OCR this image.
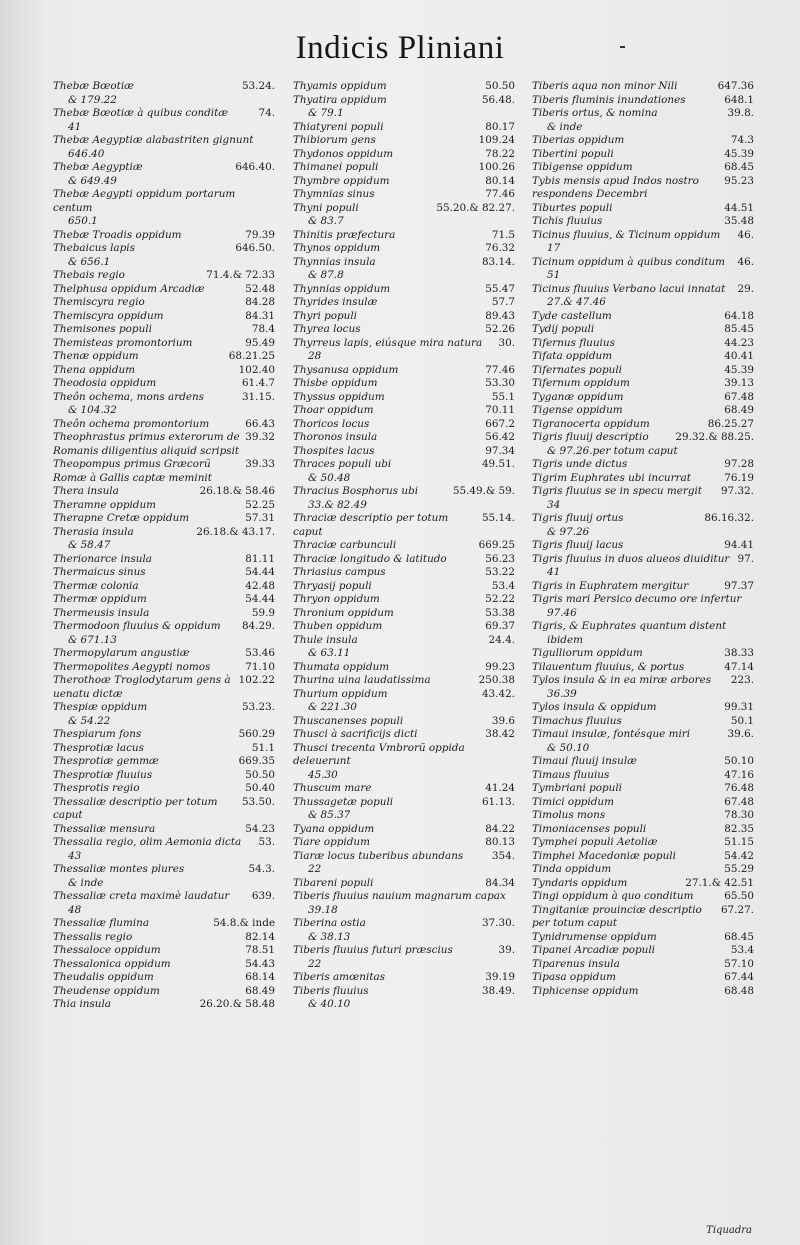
Indicis Pliniani
Thebæ Bœotiæ	53.24.
& 179.22
Thebæ Bœotiæ à quibus conditæ	74.
41
Thebæ Aegyptiæ alabastriten gignunt
646.40
Thebæ Aegyptiæ	646.40.
& 649.49
Thebæ Aegypti oppidum portarum centum
650.1
Thebæ Troadis oppidum	79.39
Thebaicus lapis	646.50.
& 656.1
Thebais regio	71.4.& 72.33
Thelphusa oppidum Arcadiæ	52.48
Themiscyra regio	84.28
Themiscyra oppidum	84.31
Themisones populi	78.4
Themisteas promontorium	95.49
Thenæ oppidum	68.21.25
Thena oppidum	102.40
Theodosia oppidum	61.4.7
Theôn ochema, mons ardens	31.15.
& 104.32
Theôn ochema promontorium	66.43
Theophrastus primus exterorum de Romanis diligentius aliquid scripsit
39.32
Theopompus primus Græcorũ Romæ à Gallis captæ meminit
39.33
Thera insula	26.18.& 58.46
Theramne oppidum	52.25
Therapne Cretæ oppidum	57.31
Therasia insula	26.18.& 43.17.
& 58.47
Therionarce insula	81.11
Thermaicus sinus	54.44
Thermæ colonia	42.48
Thermæ oppidum	54.44
Thermeusis insula	59.9
Thermodoon fluuius & oppidum	84.29.
& 671.13
Thermopylarum angustiæ	53.46
Thermopolites Aegypti nomos	71.10
Therothoæ Troglodytarum gens à uenatu dictæ
102.22
Thespiæ oppidum	53.23.
& 54.22
Thespiarum fons	560.29
Thesprotiæ lacus	51.1
Thesprotiæ gemmæ	669.35
Thesprotiæ fluuius	50.50
Thesprotis regio	50.40
Thessaliæ descriptio per totum caput
53.50.
Thessaliæ mensura	54.23
Thessalia regio, olim Aemonia dicta	53.
43
Thessaliæ montes plures	54.3.
& inde
Thessaliæ creta maximè laudatur	639.
48
Thessaliæ flumina	54.8.& inde
Thessalis regio	82.14
Thessaloce oppidum	78.51
Thessalonica oppidum	54.43
Theudalis oppidum	68.14
Theudense oppidum	68.49
Thia insula	26.20.& 58.48
Thyamis oppidum	50.50
Thyatira oppidum	56.48.
& 79.1
Thiatyreni populi	80.17
Thibiorum gens	109.24
Thydonos oppidum	78.22
Thimanei populi	100.26
Thymbre oppidum	80.14
Thymnias sinus	77.46
Thyni populi	55.20.& 82.27.
& 83.7
Thinitis præfectura	71.5
Thynos oppidum	76.32
Thynnias insula	83.14.
& 87.8
Thynnias oppidum	55.47
Thyrides insulæ	57.7
Thyri populi	89.43
Thyrea locus	52.26
Thyrreus lapis, eiúsque mira natura	30.
28
Thysanusa oppidum	77.46
Thisbe oppidum	53.30
Thyssus oppidum	55.1
Thoar oppidum	70.11
Thoricos locus	667.2
Thoronos insula	56.42
Thospites lacus	97.34
Thraces populi ubi	49.51.
& 50.48
Thracius Bosphorus ubi	55.49.& 59.
33.& 82.49
Thraciæ descriptio per totum caput
55.14.
Thraciæ carbunculi	669.25
Thraciæ longitudo & latitudo	56.23
Thriasius campus	53.22
Thryasij populi	53.4
Thryon oppidum	52.22
Thronium oppidum	53.38
Thuben oppidum	69.37
Thule insula	24.4.
& 63.11
Thumata oppidum	99.23
Thurina uina laudatissima	250.38
Thurium oppidum	43.42.
& 221.30
Thuscanenses populi	39.6
Thusci à sacrificijs dicti	38.42
Thusci trecenta Vmbrorũ oppida deleuerunt
45.30
Thuscum mare	41.24
Thussagetæ populi	61.13.
& 85.37
Tyana oppidum	84.22
Tiare oppidum	80.13
Tiaræ locus tuberibus abundans	354.
22
Tibareni populi	84.34
Tiberis fluuius nauium magnarum capax
39.18
Tiberina ostia	37.30.
& 38.13
Tiberis fluuius futuri præscius	39.
22
Tiberis amœnitas	39.19
Tiberis fluuius	38.49.
& 40.10
Tiberis aqua non minor Nili	647.36
Tiberis fluminis inundationes	648.1
Tiberis ortus, & nomina	39.8.
& inde
Tiberias oppidum	74.3
Tibertini populi	45.39
Tibigense oppidum	68.45
Tybis mensis apud Indos nostro respondens Decembri
95.23
Tiburtes populi	44.51
Tichis fluuius	35.48
Ticinus fluuius, & Ticinum oppidum	46.
17
Ticinum oppidum à quibus conditum	46.
51
Ticinus fluuius Verbano lacui innatat	29.
27.& 47.46
Tyde castellum	64.18
Tydij populi	85.45
Tifernus fluuius	44.23
Tifata oppidum	40.41
Tifernates populi	45.39
Tifernum oppidum	39.13
Tyganæ oppidum	67.48
Tigense oppidum	68.49
Tigranocerta oppidum	86.25.27
Tigris fluuij descriptio	29.32.& 88.25.
& 97.26.per totum caput
Tigris unde dictus	97.28
Tigrim Euphrates ubi incurrat	76.19
Tigris fluuius se in specu mergit	97.32.
34
Tigris fluuij ortus	86.16.32.
& 97.26
Tigris fluuij lacus	94.41
Tigris fluuius in duos alueos diuiditur 97.
41
Tigris in Euphratem mergitur	97.37
Tigris mari Persico decumo ore infertur
97.46
Tigris, & Euphrates quantum distent
ibidem
Tigulliorum oppidum	38.33
Tilauentum fluuius, & portus	47.14
Tylos insula & in ea miræ arbores	223.
36.39
Tylos insula & oppidum	99.31
Timachus fluuius	50.1
Timaui insulæ, fontésque miri	39.6.
& 50.10
Timaui fluuij insulæ	50.10
Timaus fluuius	47.16
Tymbriani populi	76.48
Timici oppidum	67.48
Timolus mons	78.30
Timoniacenses populi	82.35
Tymphei populi Aetoliæ	51.15
Timphei Macedoniæ populi	54.42
Tinda oppidum	55.29
Tyndaris oppidum	27.1.& 42.51
Tingi oppidum à quo conditum	65.50
Tingitaniæ prouinciæ descriptio per totum caput
67.27.
Tynidrumense oppidum	68.45
Tipanei Arcadiæ populi	53.4
Tiparenus insula	57.10
Tipasa oppidum	67.44
Tiphicense oppidum	68.48
Tiquadra
